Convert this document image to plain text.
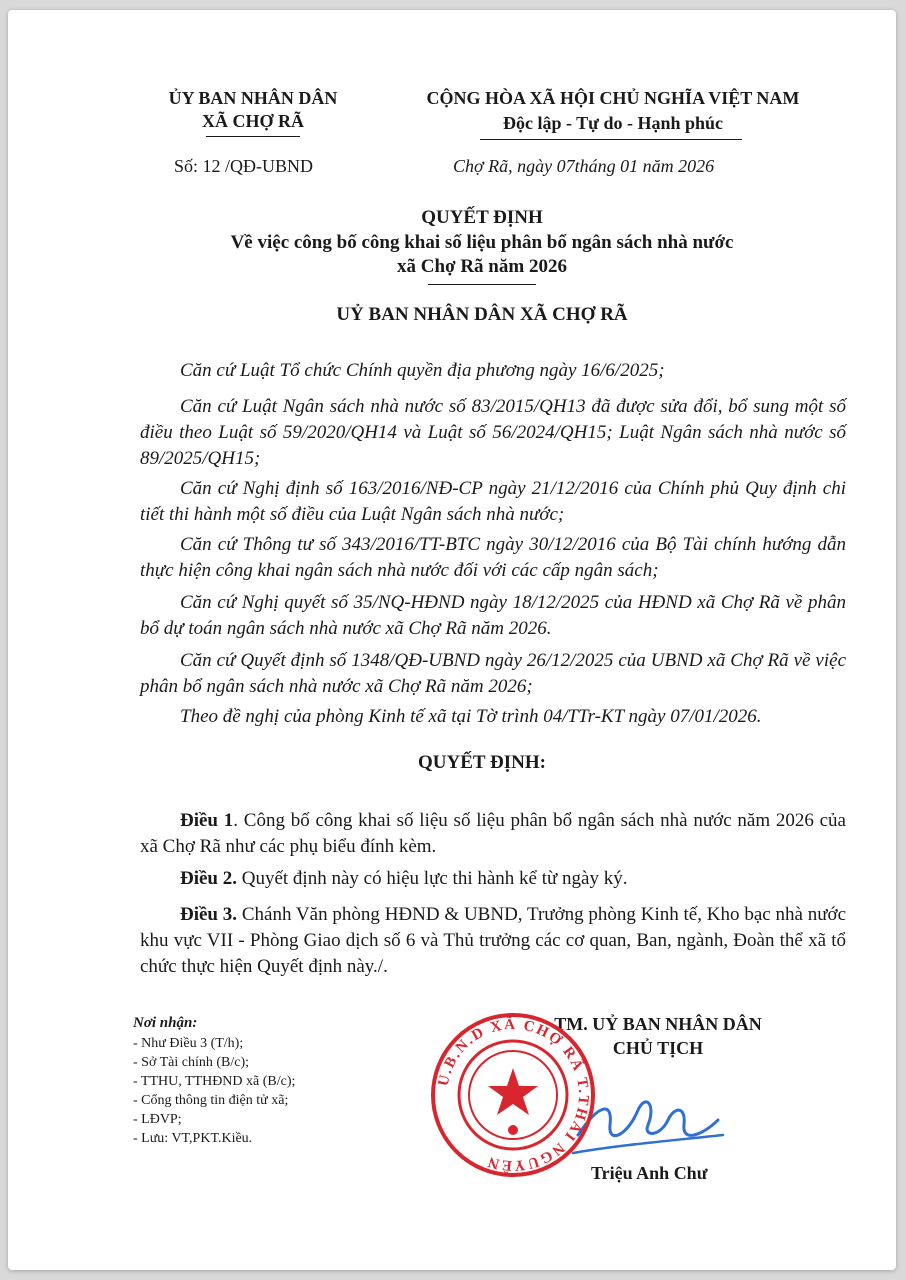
ỦY BAN NHÂN DÂN
XÃ CHỢ RÃ
CỘNG HÒA XÃ HỘI CHỦ NGHĨA VIỆT NAM
Độc lập - Tự do - Hạnh phúc
Số: 12 /QĐ-UBND	Chợ Rã, ngày 07tháng 01 năm 2026
QUYẾT ĐỊNH
Về việc công bố công khai số liệu phân bổ ngân sách nhà nước
xã Chợ Rã năm 2026
UỶ BAN NHÂN DÂN XÃ CHỢ RÃ
Căn cứ Luật Tổ chức Chính quyền địa phương ngày 16/6/2025;
Căn cứ Luật Ngân sách nhà nước số 83/2015/QH13 đã được sửa đổi, bổ sung một số điều theo Luật số 59/2020/QH14 và Luật số 56/2024/QH15; Luật Ngân sách nhà nước số 89/2025/QH15;
Căn cứ Nghị định số 163/2016/NĐ-CP ngày 21/12/2016 của Chính phủ Quy định chi tiết thi hành một số điều của Luật Ngân sách nhà nước;
Căn cứ Thông tư số 343/2016/TT-BTC ngày 30/12/2016 của Bộ Tài chính hướng dẫn thực hiện công khai ngân sách nhà nước đối với các cấp ngân sách;
Căn cứ Nghị quyết số 35/NQ-HĐND ngày 18/12/2025 của HĐND xã Chợ Rã về phân bổ dự toán ngân sách nhà nước xã Chợ Rã năm 2026.
Căn cứ Quyết định số 1348/QĐ-UBND ngày 26/12/2025 của UBND xã Chợ Rã về việc phân bổ ngân sách nhà nước xã Chợ Rã năm 2026;
Theo đề nghị của phòng Kinh tế xã tại Tờ trình 04/TTr-KT ngày 07/01/2026.
QUYẾT ĐỊNH:
Điều 1. Công bố công khai số liệu số liệu phân bổ ngân sách nhà nước năm 2026 của xã Chợ Rã như các phụ biểu đính kèm.
Điều 2. Quyết định này có hiệu lực thi hành kể từ ngày ký.
Điều 3. Chánh Văn phòng HĐND & UBND, Trưởng phòng Kinh tế, Kho bạc nhà nước khu vực VII - Phòng Giao dịch số 6 và Thủ trưởng các cơ quan, Ban, ngành, Đoàn thể xã tổ chức thực hiện Quyết định này./.
Nơi nhận:
- Như Điều 3 (T/h);
- Sở Tài chính (B/c);
- TTHU, TTHĐND xã (B/c);
- Cổng thông tin điện tử xã;
- LĐVP;
- Lưu: VT,PKT.Kiều.
TM. UỶ BAN NHÂN DÂN
CHỦ TỊCH
U.B.N.D XÃ CHỢ RÃ T.THÁI NGUYÊN
Triệu Anh Chư
